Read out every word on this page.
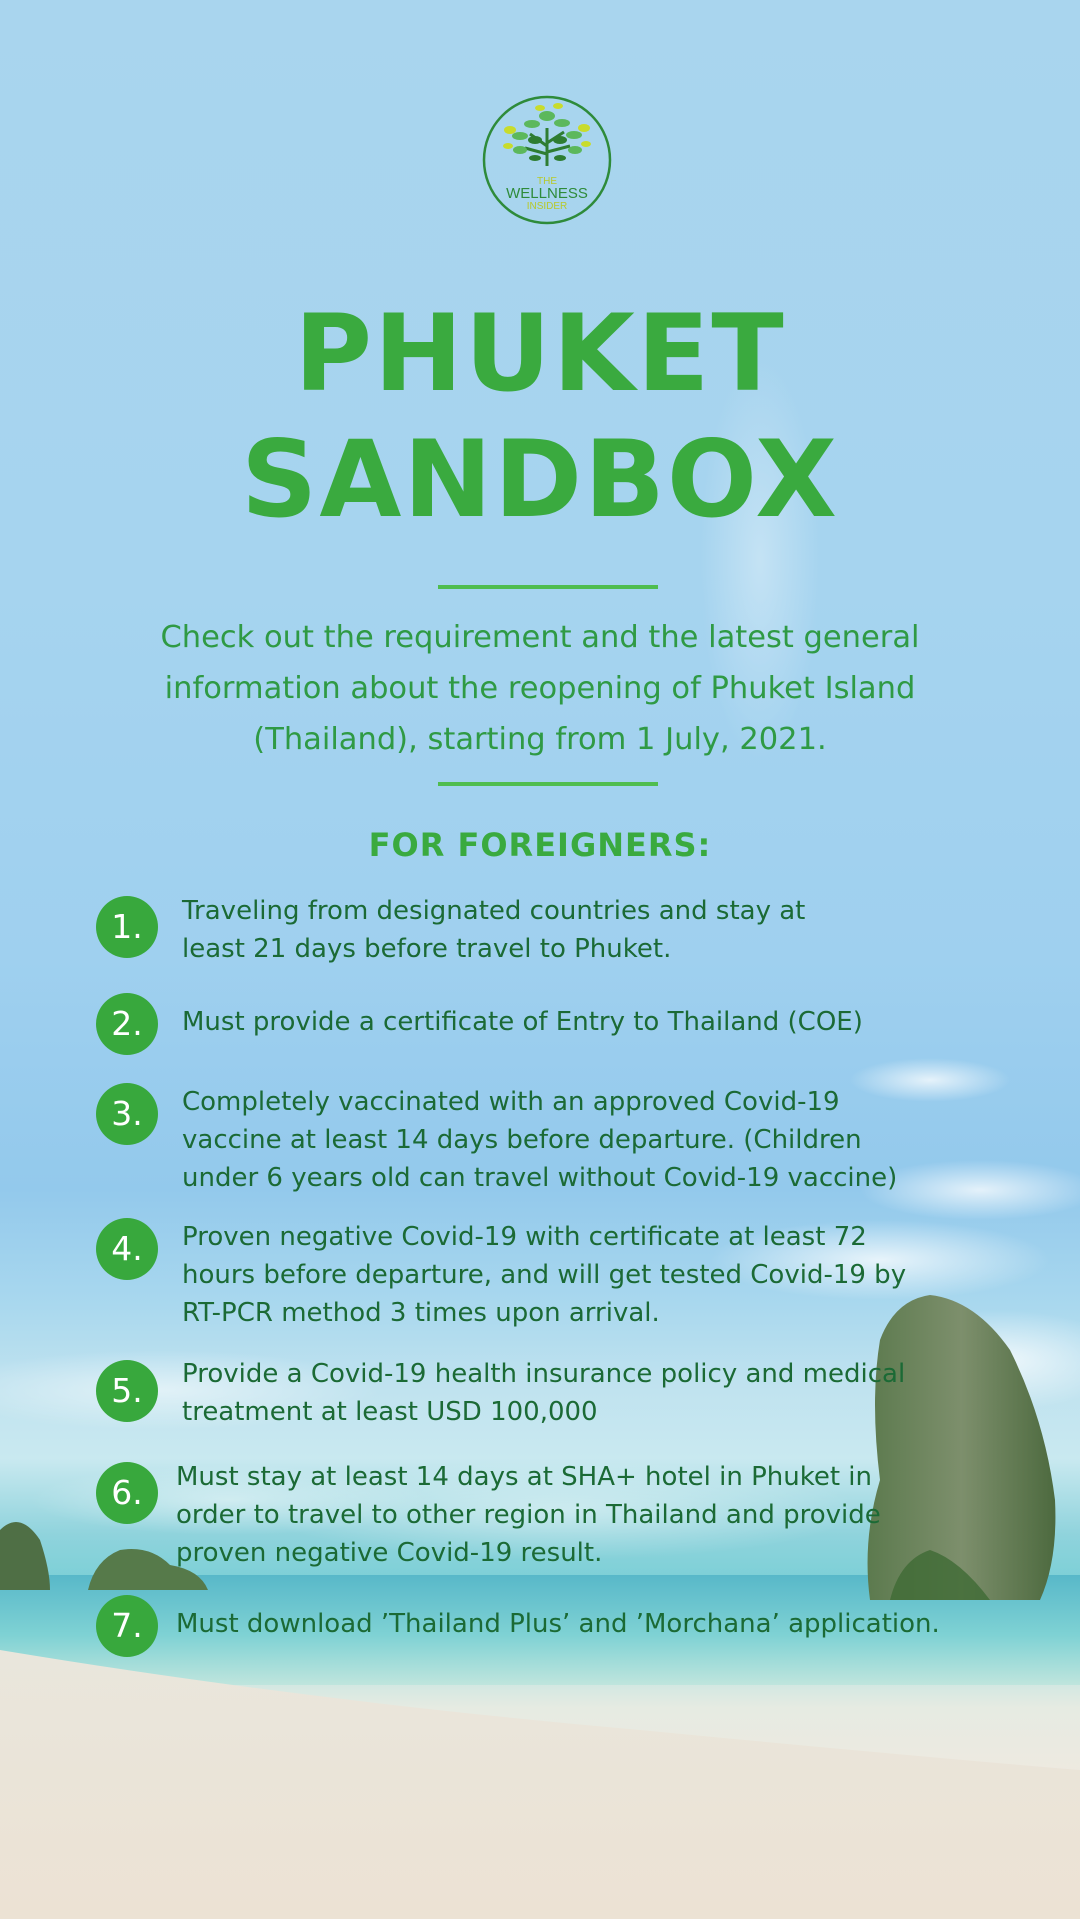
THE
WELLNESS
INSIDER
PHUKET
SANDBOX

Check out the requirement and the latest general information about the reopening of Phuket Island (Thailand), starting from 1 July, 2021.

FOR FOREIGNERS:
1.	Traveling from designated countries and stay at
least 21 days before travel to Phuket.

2.	Must provide a certificate of Entry to Thailand (COE)

3.	Completely vaccinated with an approved Covid-19
vaccine at least 14 days before departure. (Children
under 6 years old can travel without Covid-19 vaccine)

4.	Proven negative Covid-19 with certificate at least 72
hours before departure, and will get tested Covid-19 by
RT-PCR method 3 times upon arrival.

5.	Provide a Covid-19 health insurance policy and medical
treatment at least USD 100,000

6.	Must stay at least 14 days at SHA+ hotel in Phuket in
order to travel to other region in Thailand and provide
proven negative Covid-19 result.

7.	Must download ’Thailand Plus’ and ’Morchana’ application.
